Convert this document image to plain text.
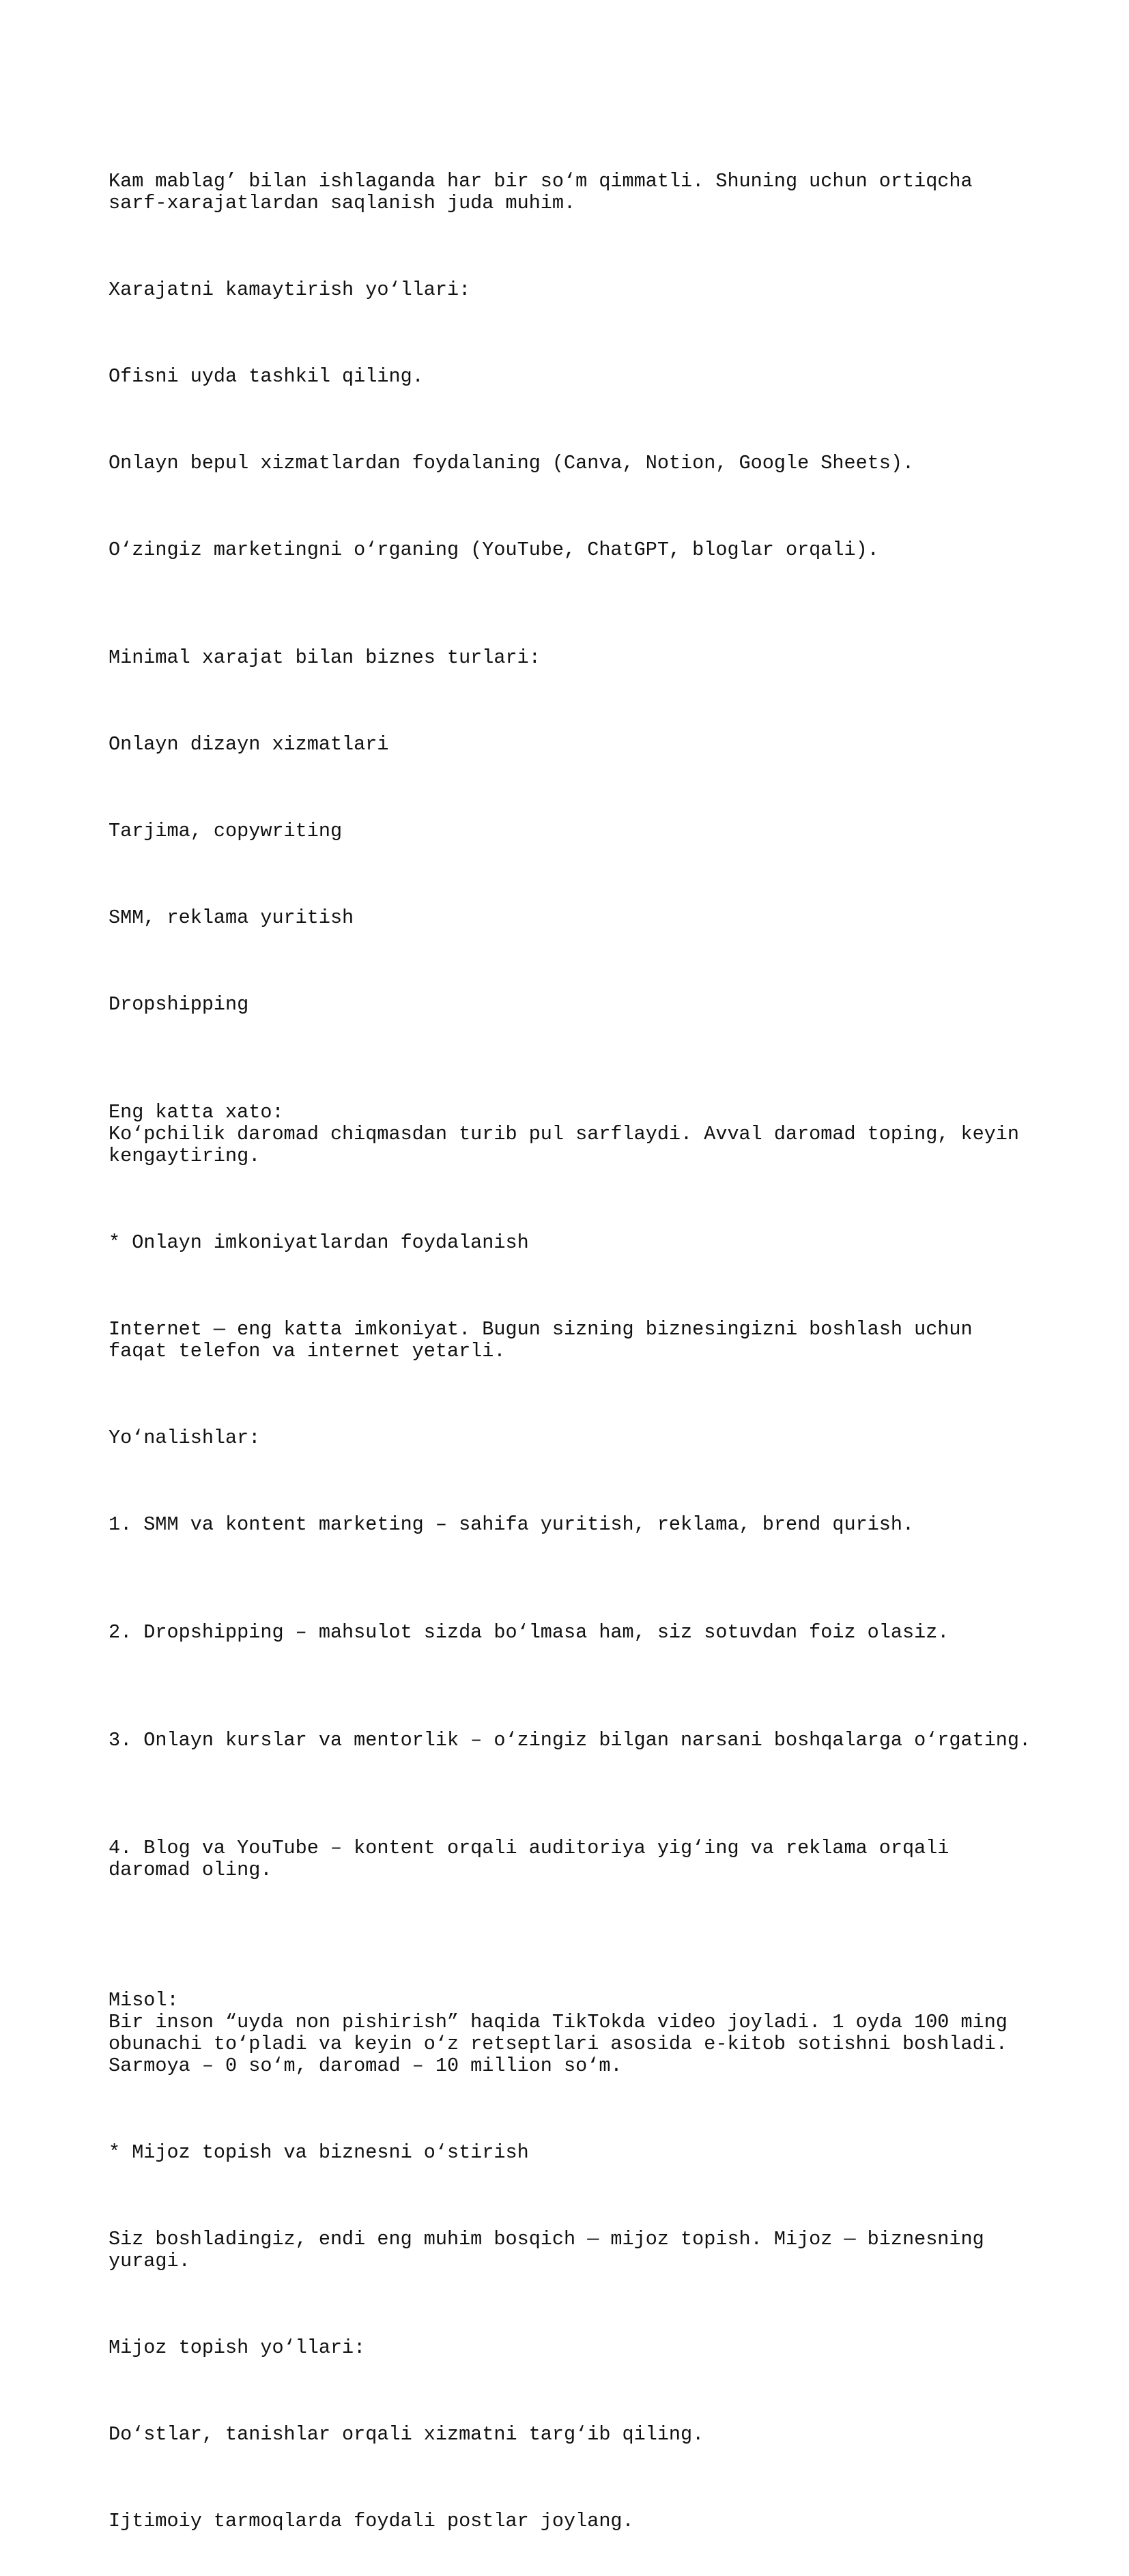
Kam mablag’ bilan ishlaganda har bir so‘m qimmatli. Shuning uchun ortiqcha sarf-xarajatlardan saqlanish juda muhim.

Xarajatni kamaytirish yo‘llari:

Ofisni uyda tashkil qiling.

Onlayn bepul xizmatlardan foydalaning (Canva, Notion, Google Sheets).

O‘zingiz marketingni o‘rganing (YouTube, ChatGPT, bloglar orqali).

Minimal xarajat bilan biznes turlari:

Onlayn dizayn xizmatlari

Tarjima, copywriting

SMM, reklama yuritish

Dropshipping

Eng katta xato:
Ko‘pchilik daromad chiqmasdan turib pul sarflaydi. Avval daromad toping, keyin kengaytiring.

* Onlayn imkoniyatlardan foydalanish

Internet — eng katta imkoniyat. Bugun sizning biznesingizni boshlash uchun faqat telefon va internet yetarli.

Yo‘nalishlar:

1. SMM va kontent marketing – sahifa yuritish, reklama, brend qurish.

2. Dropshipping – mahsulot sizda bo‘lmasa ham, siz sotuvdan foiz olasiz.

3. Onlayn kurslar va mentorlik – o‘zingiz bilgan narsani boshqalarga o‘rgating.

4. Blog va YouTube – kontent orqali auditoriya yig‘ing va reklama orqali daromad oling.

Misol:
Bir inson “uyda non pishirish” haqida TikTokda video joyladi. 1 oyda 100 ming obunachi to‘pladi va keyin o‘z retseptlari asosida e-kitob sotishni boshladi.
Sarmoya – 0 so‘m, daromad – 10 million so‘m.

* Mijoz topish va biznesni o‘stirish

Siz boshladingiz, endi eng muhim bosqich — mijoz topish. Mijoz — biznesning yuragi.

Mijoz topish yo‘llari:

Do‘stlar, tanishlar orqali xizmatni targ‘ib qiling.

Ijtimoiy tarmoqlarda foydali postlar joylang.
